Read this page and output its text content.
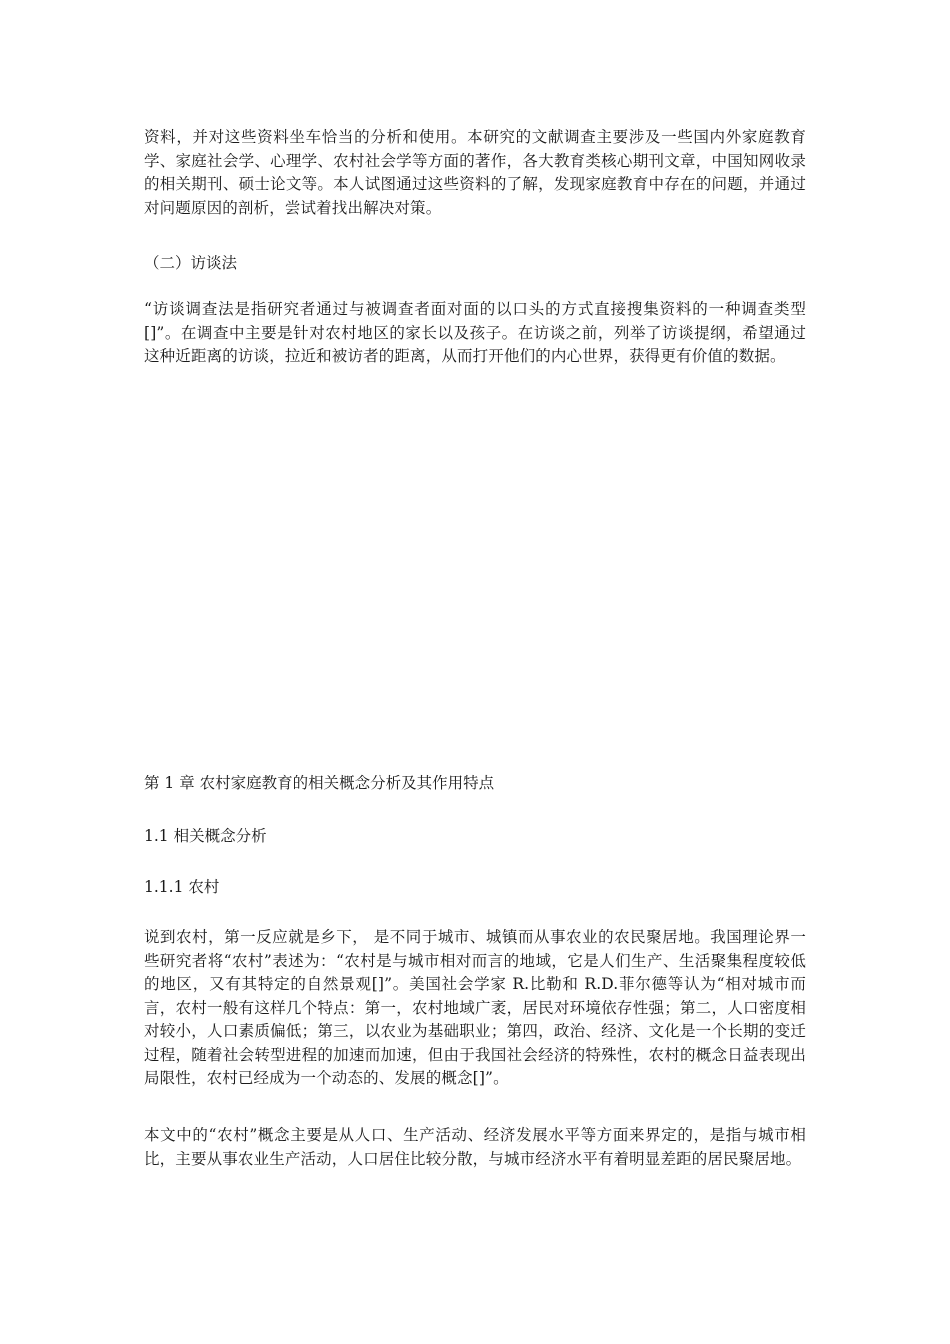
资料，并对这些资料坐车恰当的分析和使用。本研究的文献调查主要涉及一些国内外家庭教育学、家庭社会学、心理学、农村社会学等方面的著作，各大教育类核心期刊文章，中国知网收录的相关期刊、硕士论文等。本人试图通过这些资料的了解，发现家庭教育中存在的问题，并通过对问题原因的剖析，尝试着找出解决对策。

（二）访谈法

“访谈调查法是指研究者通过与被调查者面对面的以口头的方式直接搜集资料的一种调查类型[]”。在调查中主要是针对农村地区的家长以及孩子。在访谈之前，列举了访谈提纲，希望通过这种近距离的访谈，拉近和被访者的距离，从而打开他们的内心世界，获得更有价值的数据。

第 1 章 农村家庭教育的相关概念分析及其作用特点
1.1 相关概念分析
1.1.1 农村

说到农村，第一反应就是乡下， 是不同于城市、城镇而从事农业的农民聚居地。我国理论界一些研究者将“农村”表述为：“农村是与城市相对而言的地域，它是人们生产、生活聚集程度较低的地区，又有其特定的自然景观[]”。美国社会学家 R.比勒和 R.D.菲尔德等认为“相对城市而言，农村一般有这样几个特点：第一，农村地域广袤，居民对环境依存性强；第二，人口密度相对较小，人口素质偏低；第三，以农业为基础职业；第四，政治、经济、文化是一个长期的变迁过程，随着社会转型进程的加速而加速，但由于我国社会经济的特殊性，农村的概念日益表现出局限性，农村已经成为一个动态的、发展的概念[]”。

本文中的“农村”概念主要是从人口、生产活动、经济发展水平等方面来界定的，是指与城市相比，主要从事农业生产活动，人口居住比较分散，与城市经济水平有着明显差距的居民聚居地。
